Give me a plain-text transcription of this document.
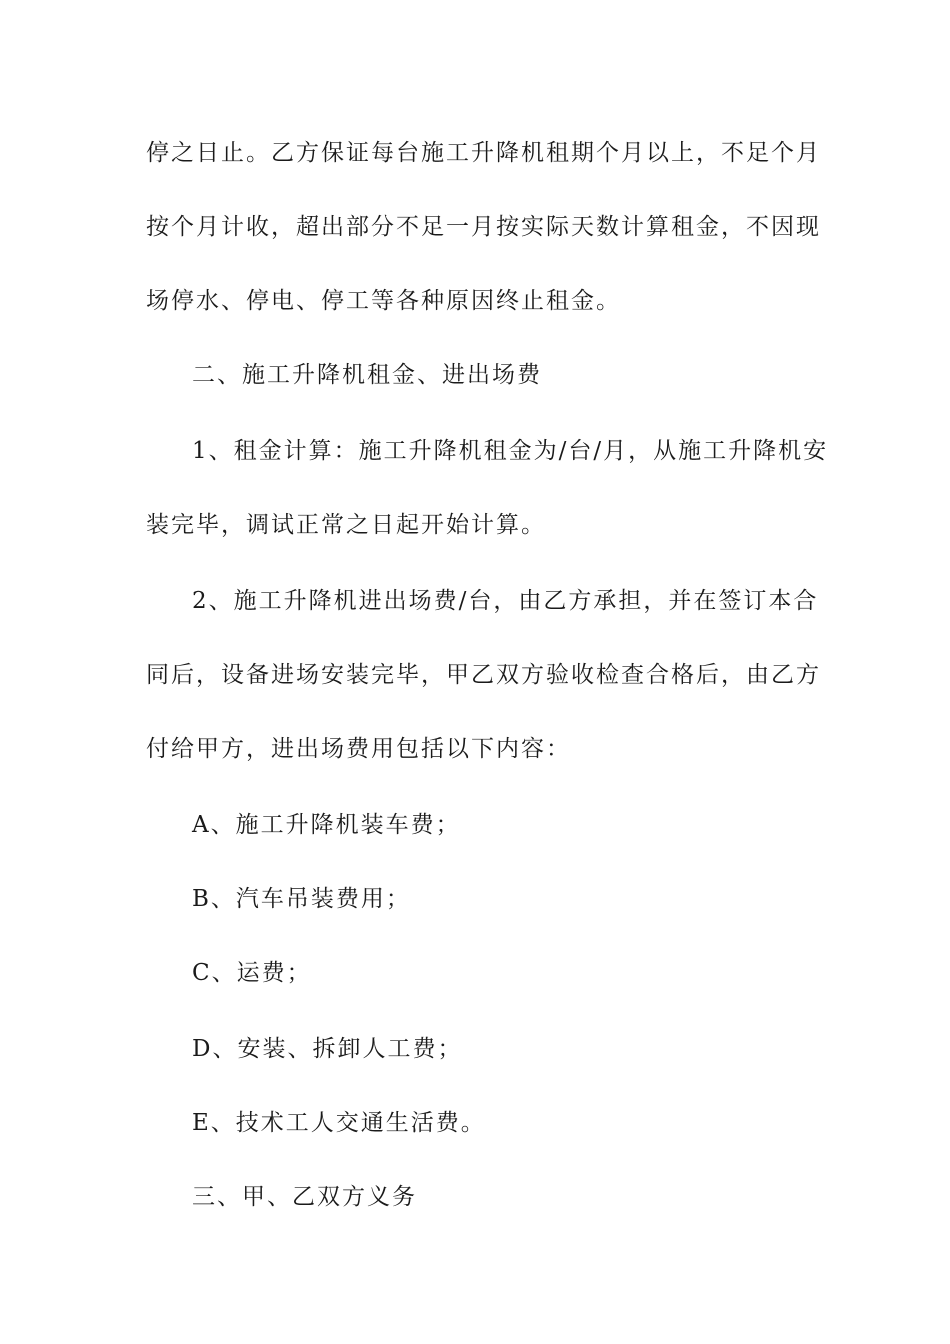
停之日止。乙方保证每台施工升降机租期个月以上，不足个月
按个月计收，超出部分不足一月按实际天数计算租金，不因现
场停水、停电、停工等各种原因终止租金。
二、施工升降机租金、进出场费
1、租金计算：施工升降机租金为/台/月，从施工升降机安
装完毕，调试正常之日起开始计算。
2、施工升降机进出场费/台，由乙方承担，并在签订本合
同后，设备进场安装完毕，甲乙双方验收检查合格后，由乙方
付给甲方，进出场费用包括以下内容：
A、施工升降机装车费；
B、汽车吊装费用；
C、运费；
D、安装、拆卸人工费；
E、技术工人交通生活费。
三、甲、乙双方义务
